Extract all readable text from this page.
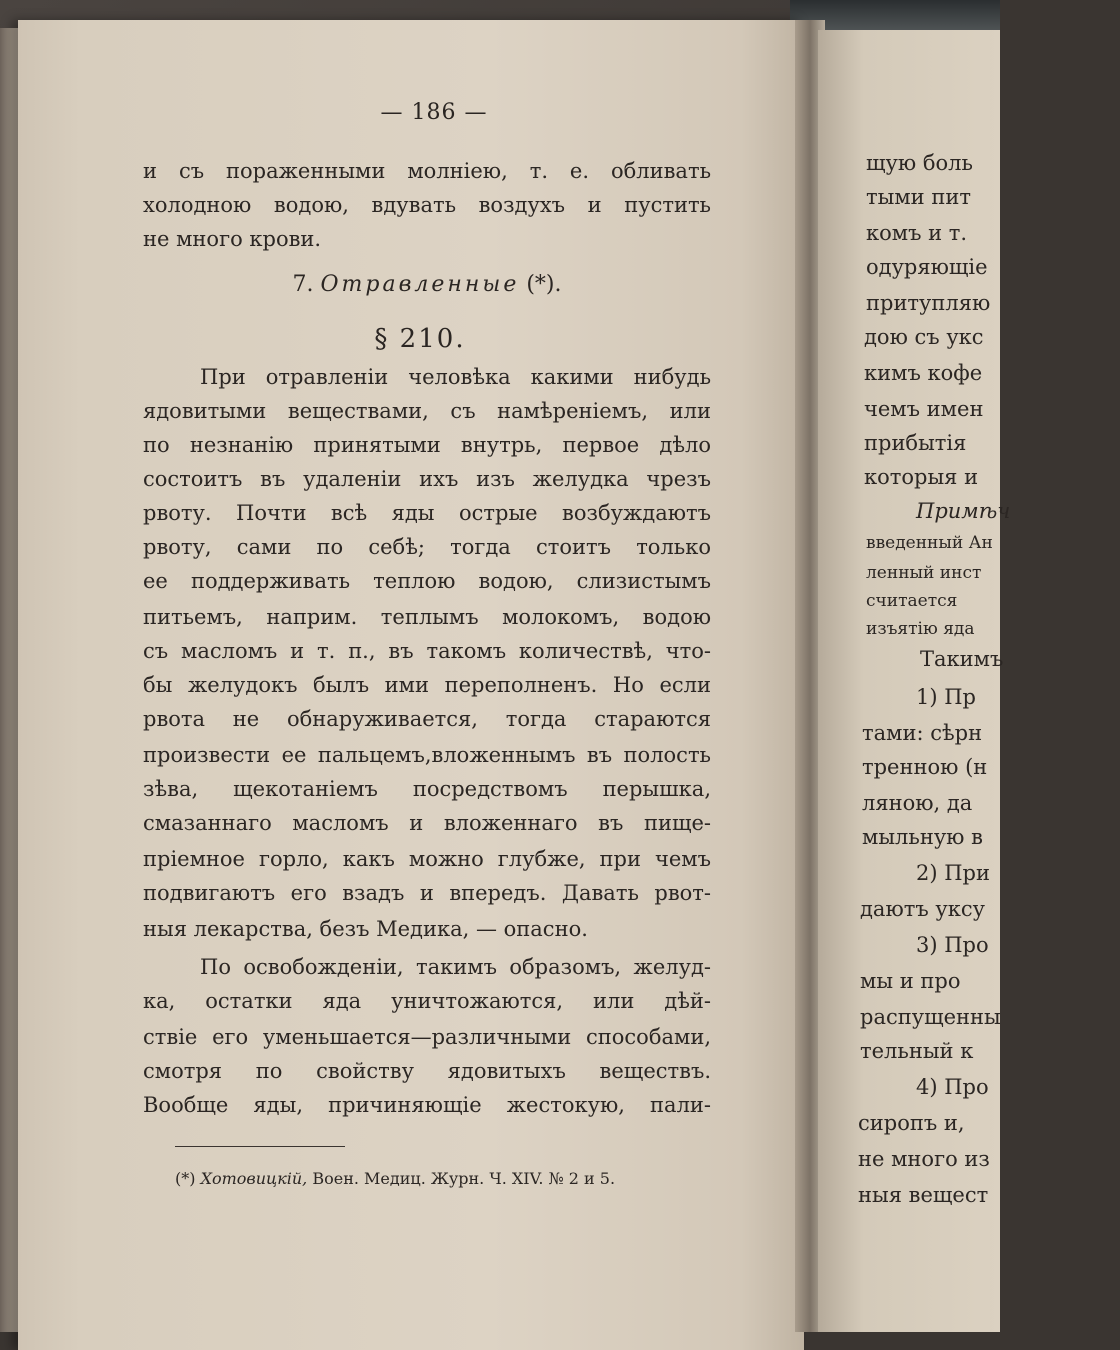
— 186 —
и съ пораженными молніею, т. е. обливать
холодною водою, вдувать воздухъ и пустить
не много крови.
7. Отравленные (*).
§ 210.
При отравленіи человѣка какими нибудь
ядовитыми веществами, съ намѣреніемъ, или
по незнанію принятыми внутрь, первое дѣло
состоитъ въ удаленіи ихъ изъ желудка чрезъ
рвоту. Почти всѣ яды острые возбуждаютъ
рвоту, сами по себѣ; тогда стоитъ только
ее поддерживать теплою водою, слизистымъ
питьемъ, наприм. теплымъ молокомъ, водою
съ масломъ и т. п., въ такомъ количествѣ, что-
бы желудокъ былъ ими переполненъ. Но если
рвота не обнаруживается, тогда стараются
произвести ее пальцемъ,вложеннымъ въ полость
зѣва, щекотаніемъ посредствомъ перышка,
смазаннаго масломъ и вложеннаго въ пище-
пріемное горло, какъ можно глубже, при чемъ
подвигаютъ его взадъ и впередъ. Давать рвот-
ныя лекарства, безъ Медика, — опасно.
По освобожденіи, такимъ образомъ, желуд-
ка, остатки яда уничтожаются, или дѣй-
ствіе его уменьшается—различными способами,
смотря по свойству ядовитыхъ веществъ.
Вообще яды, причиняющіе жестокую, пали-
(*) Хотовицкій, Воен. Медиц. Журн. Ч. XIV. № 2 и 5.
щую боль
тыми пит
комъ и т.
одуряющіе
притупляю
дою съ укс
кимъ кофе
чемъ имен
прибытія
которыя и
Примѣч
введенный Ан
ленный инст
считается
изъятію яда
Такимъ
1) Пр
тами: сѣрн
тренною (н
ляною, да
мыльную в
2) При
даютъ уксу
3) Про
мы и про
распущенны
тельный к
4) Про
сиропъ и,
не много из
ныя вещест
